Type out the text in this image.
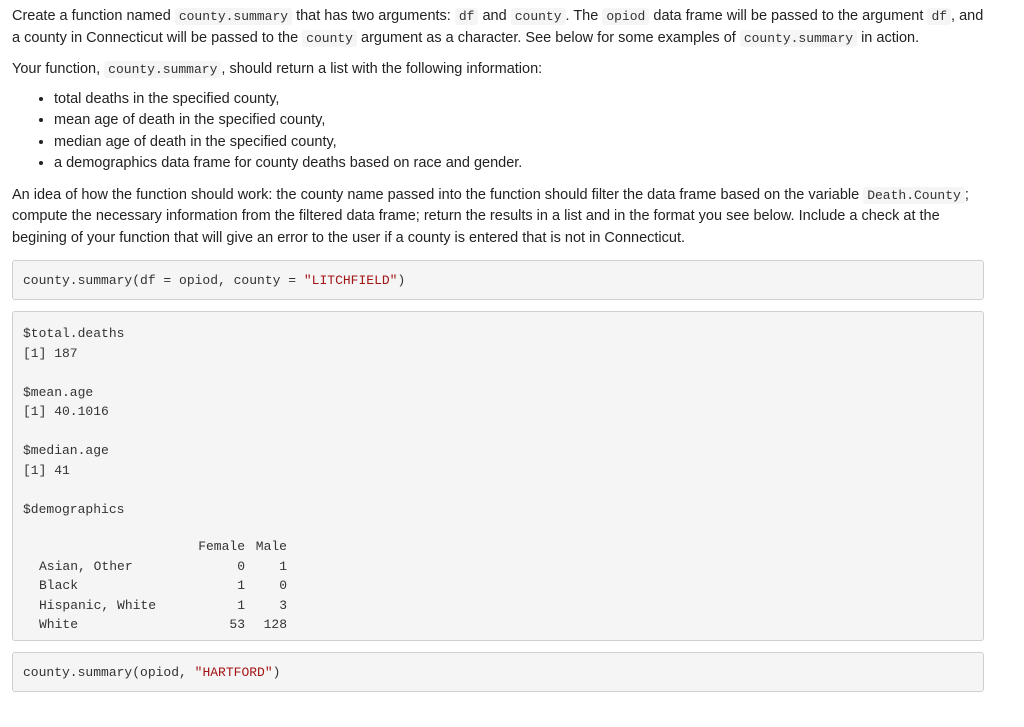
Create a function named county.summary that has two arguments: df and county . The opiod data frame will be passed to the argument df , and a county in Connecticut will be passed to the county argument as a character. See below for some examples of county.summary in action.

Your function, county.summary , should return a list with the following information:

• total deaths in the specified county,
• mean age of death in the specified county,
• median age of death in the specified county,
• a demographics data frame for county deaths based on race and gender.

An idea of how the function should work: the county name passed into the function should filter the data frame based on the variable Death.County ; compute the necessary information from the filtered data frame; return the results in a list and in the format you see below. Include a check at the begining of your function that will give an error to the user if a county is entered that is not in Connecticut.

county.summary(df = opiod, county = "LITCHFIELD")
$total.deaths
[1] 187
$mean.age
[1] 40.1016
$median.age
[1] 41
$demographics
	Female	Male
Asian, Other	0	1
Black	1	0
Hispanic, White	1	3
White	53	128
county.summary(opiod, "HARTFORD")
